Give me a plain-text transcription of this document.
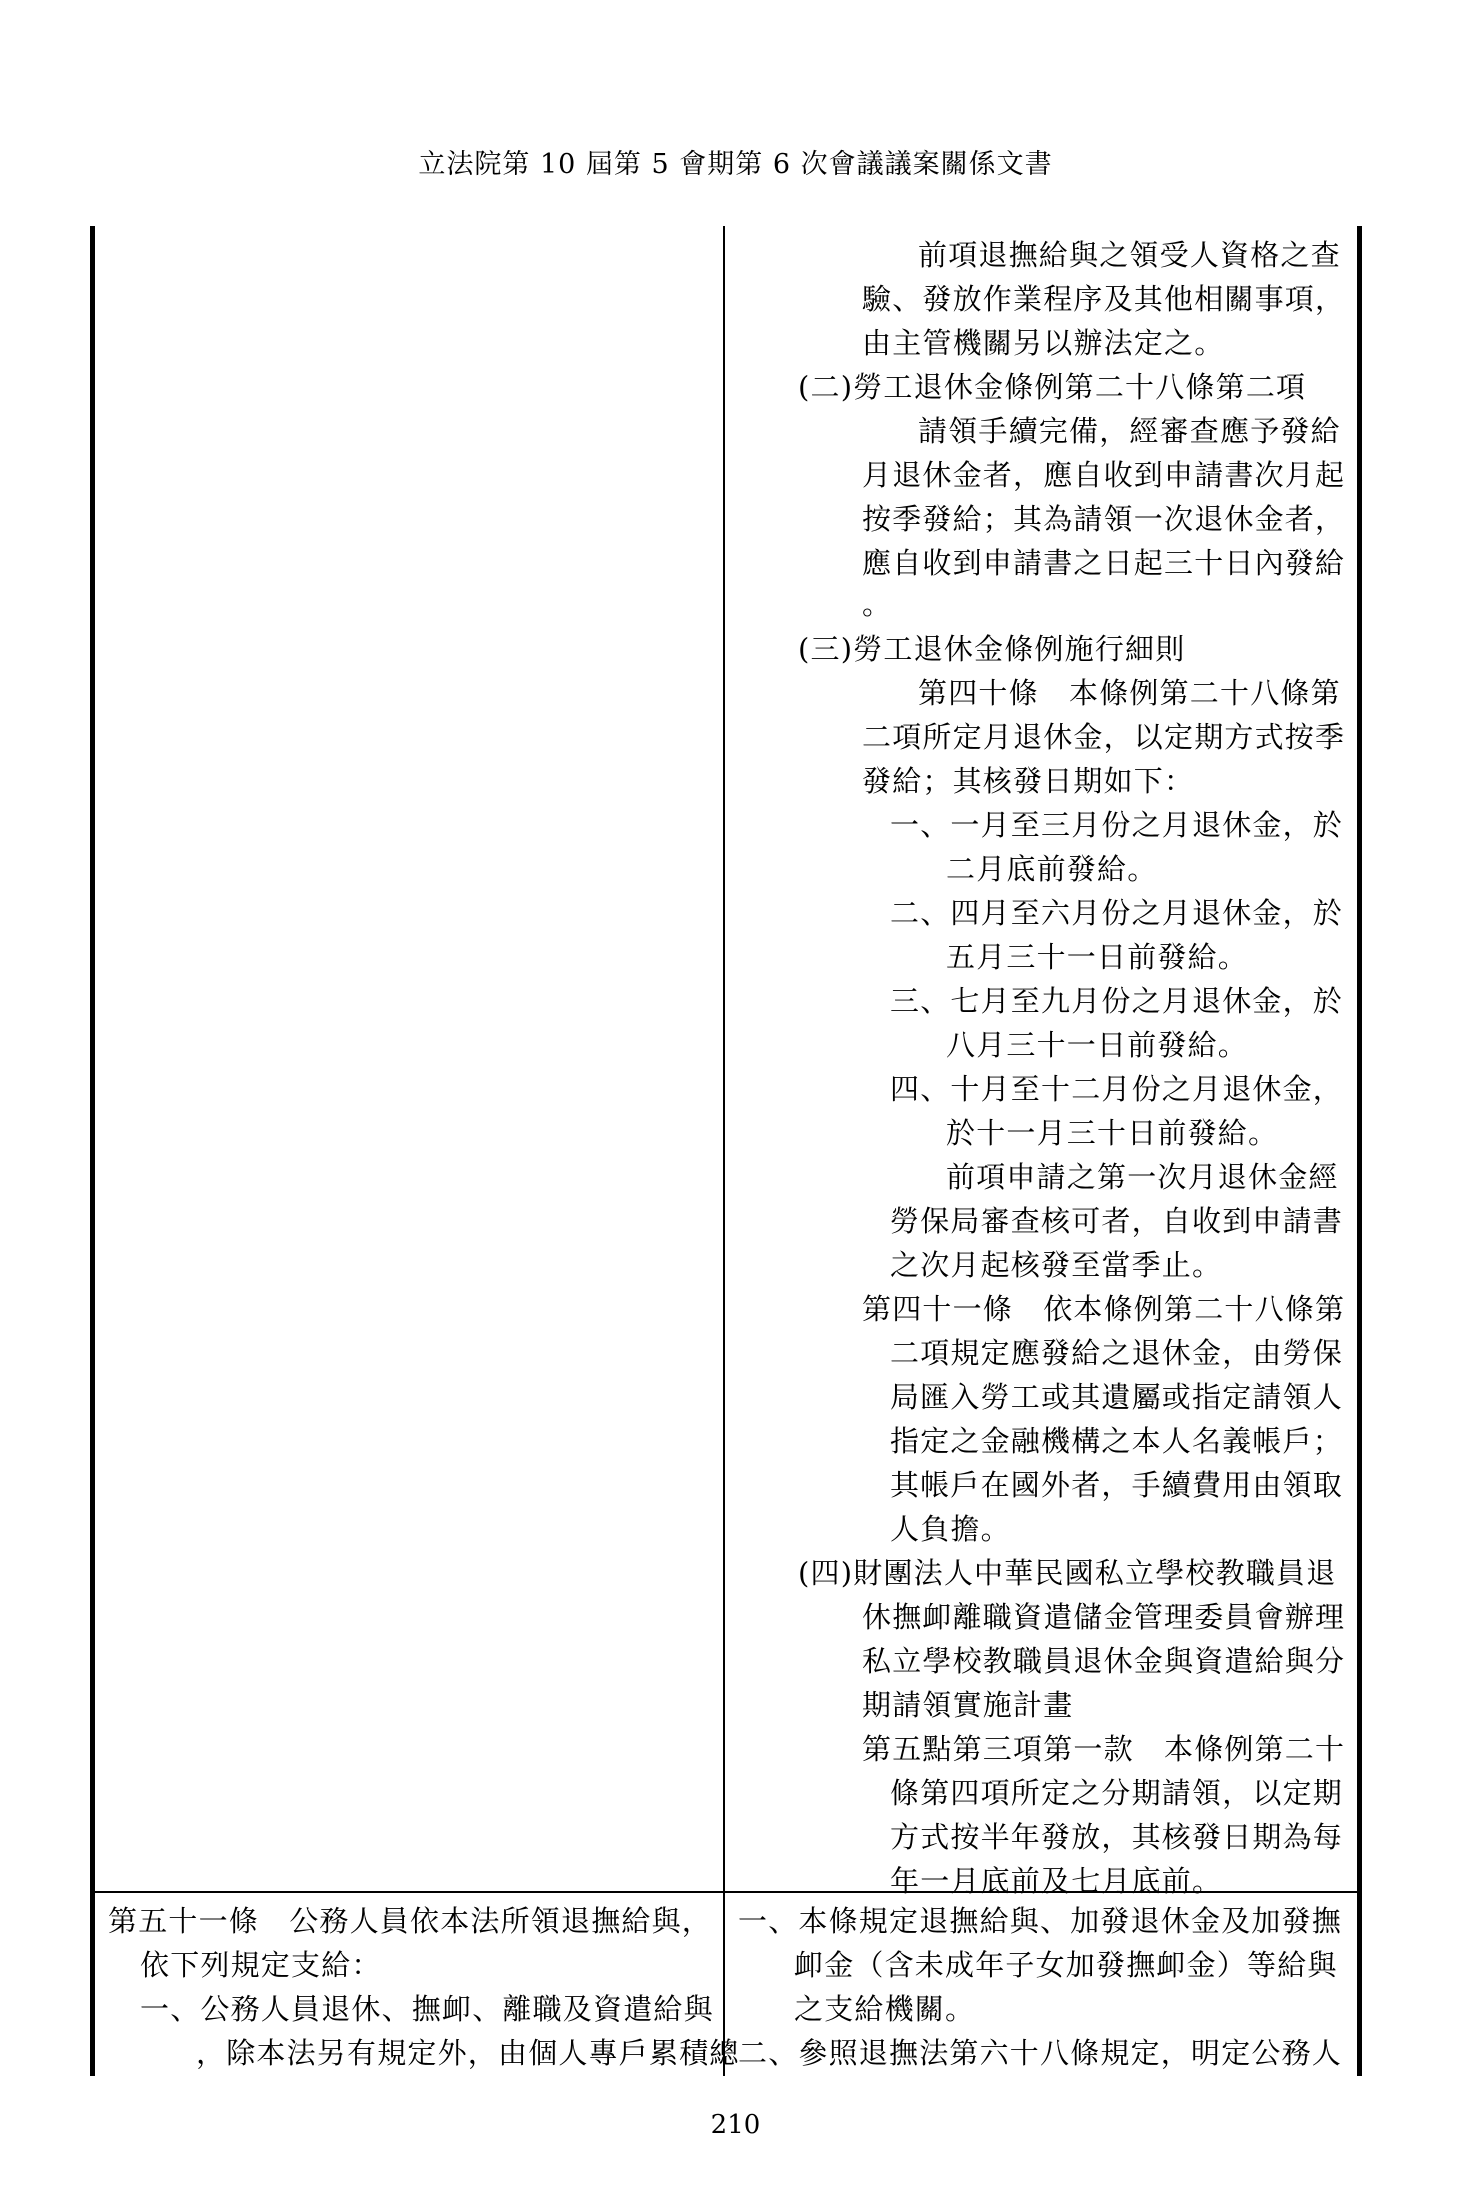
立法院第 10 屆第 5 會期第 6 次會議議案關係文書
前項退撫給與之領受人資格之查
驗、發放作業程序及其他相關事項，
由主管機關另以辦法定之。
(二)勞工退休金條例第二十八條第二項
請領手續完備，經審查應予發給
月退休金者，應自收到申請書次月起
按季發給；其為請領一次退休金者，
應自收到申請書之日起三十日內發給
。
(三)勞工退休金條例施行細則
第四十條　本條例第二十八條第
二項所定月退休金，以定期方式按季
發給；其核發日期如下：
一、一月至三月份之月退休金，於
二月底前發給。
二、四月至六月份之月退休金，於
五月三十一日前發給。
三、七月至九月份之月退休金，於
八月三十一日前發給。
四、十月至十二月份之月退休金，
於十一月三十日前發給。
前項申請之第一次月退休金經
勞保局審查核可者，自收到申請書
之次月起核發至當季止。
第四十一條　依本條例第二十八條第
二項規定應發給之退休金，由勞保
局匯入勞工或其遺屬或指定請領人
指定之金融機構之本人名義帳戶；
其帳戶在國外者，手續費用由領取
人負擔。
(四)財團法人中華民國私立學校教職員退
休撫卹離職資遣儲金管理委員會辦理
私立學校教職員退休金與資遣給與分
期請領實施計畫
第五點第三項第一款　本條例第二十
條第四項所定之分期請領，以定期
方式按半年發放，其核發日期為每
年一月底前及七月底前。
第五十一條　公務人員依本法所領退撫給與，
依下列規定支給：
一、公務人員退休、撫卹、離職及資遣給與
，除本法另有規定外，由個人專戶累積總
一、本條規定退撫給與、加發退休金及加發撫
卹金（含未成年子女加發撫卹金）等給與
之支給機關。
二、參照退撫法第六十八條規定，明定公務人
210
